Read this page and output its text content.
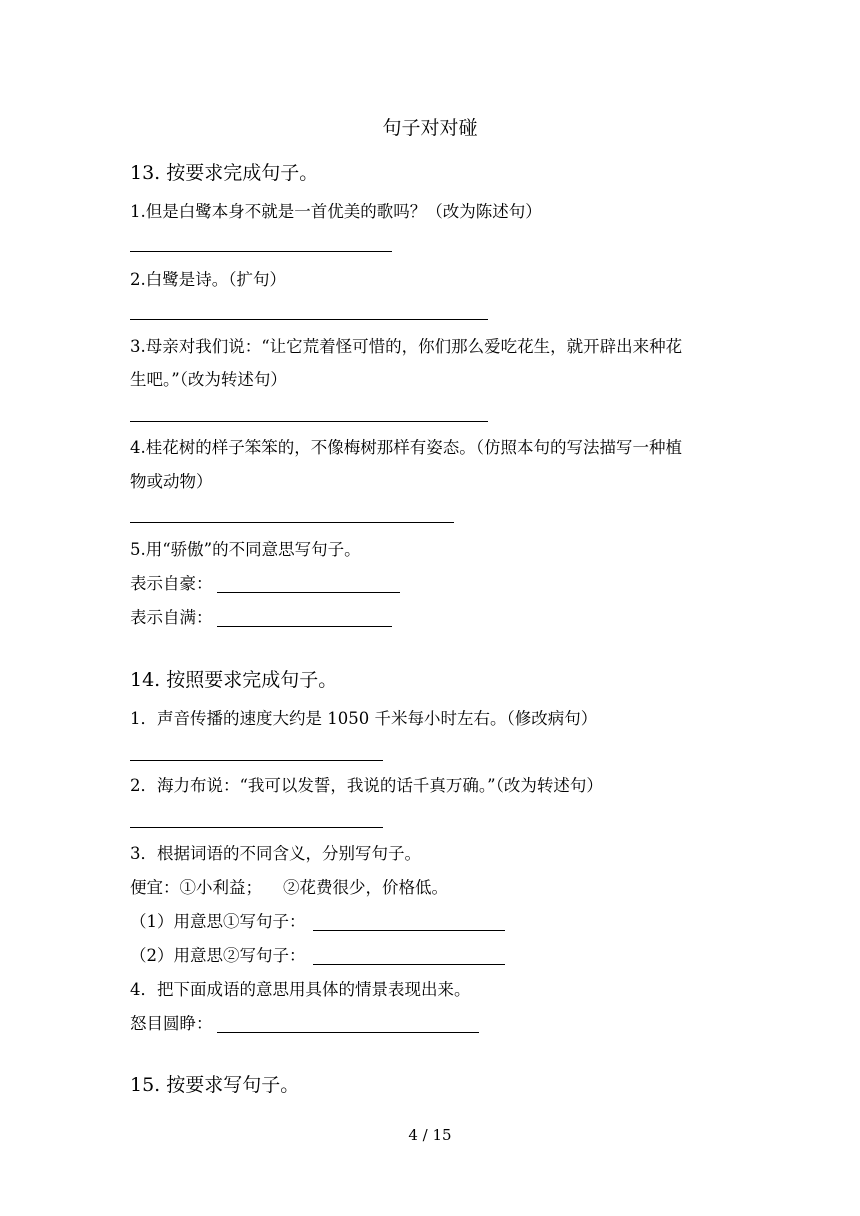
句子对对碰
13. 按要求完成句子。
1.但是白鹭本身不就是一首优美的歌吗？（改为陈述句）
2.白鹭是诗。（扩句）
3.母亲对我们说：“让它荒着怪可惜的，你们那么爱吃花生，就开辟出来种花
生吧。”（改为转述句）
4.桂花树的样子笨笨的，不像梅树那样有姿态。（仿照本句的写法描写一种植
物或动物）
5.用“骄傲”的不同意思写句子。
表示自豪：
表示自满：
14. 按照要求完成句子。
1．声音传播的速度大约是 1050 千米每小时左右。（修改病句）
2．海力布说：“我可以发誓，我说的话千真万确。”（改为转述句）
3．根据词语的不同含义，分别写句子。
便宜：①小利益；    ②花费很少，价格低。
（1）用意思①写句子：
（2）用意思②写句子：
4．把下面成语的意思用具体的情景表现出来。
怒目圆睁：
15. 按要求写句子。
4 / 15
